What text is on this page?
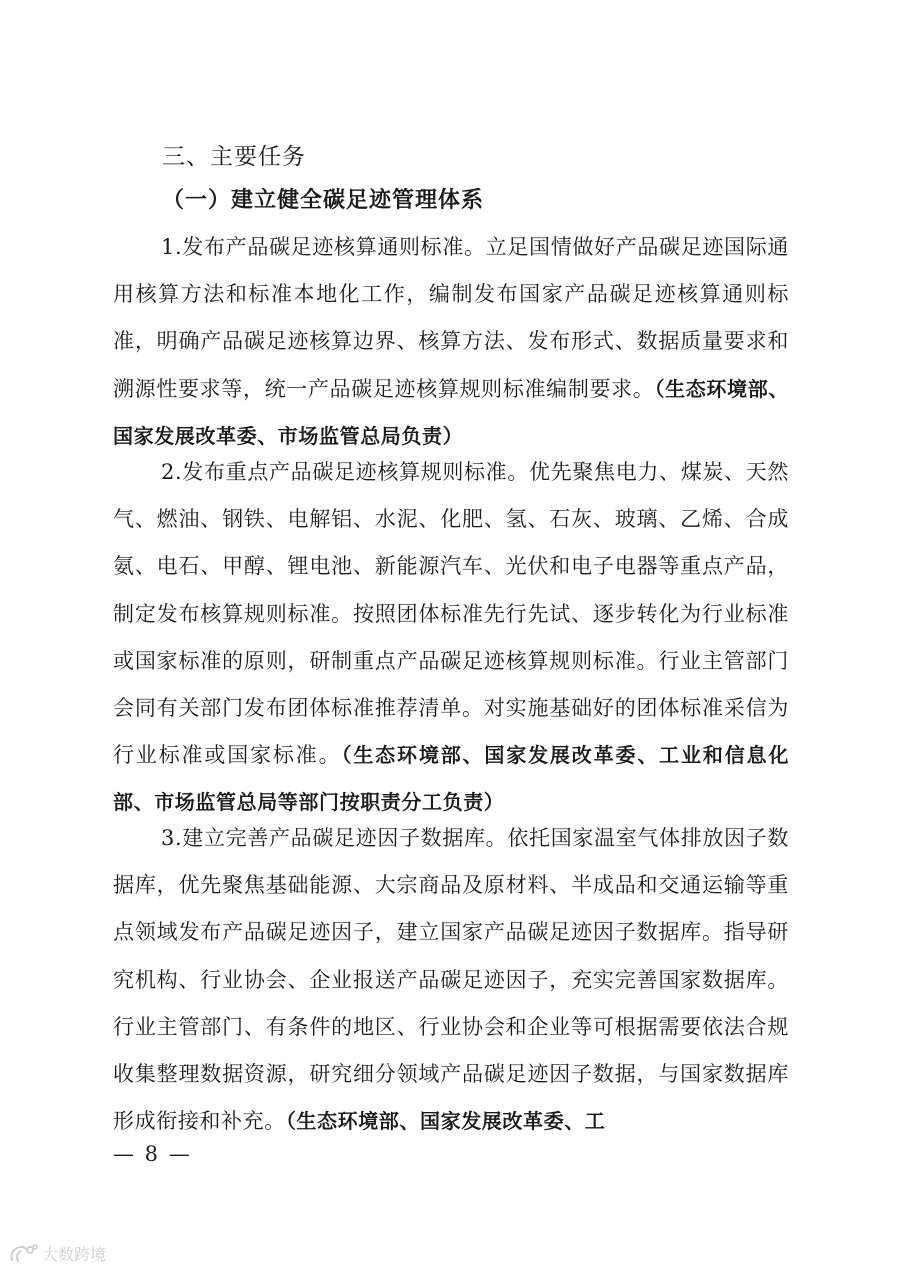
三、主要任务
（一）建立健全碳足迹管理体系

1.发布产品碳足迹核算通则标准。立足国情做好产品碳足迹国际通用核算方法和标准本地化工作，编制发布国家产品碳足迹核算通则标准，明确产品碳足迹核算边界、核算方法、发布形式、数据质量要求和溯源性要求等，统一产品碳足迹核算规则标准编制要求。（生态环境部、国家发展改革委、市场监管总局负责）

2.发布重点产品碳足迹核算规则标准。优先聚焦电力、煤炭、天然气、燃油、钢铁、电解铝、水泥、化肥、氢、石灰、玻璃、乙烯、合成氨、电石、甲醇、锂电池、新能源汽车、光伏和电子电器等重点产品，制定发布核算规则标准。按照团体标准先行先试、逐步转化为行业标准或国家标准的原则，研制重点产品碳足迹核算规则标准。行业主管部门会同有关部门发布团体标准推荐清单。对实施基础好的团体标准采信为行业标准或国家标准。（生态环境部、国家发展改革委、工业和信息化部、市场监管总局等部门按职责分工负责）

3.建立完善产品碳足迹因子数据库。依托国家温室气体排放因子数据库，优先聚焦基础能源、大宗商品及原材料、半成品和交通运输等重点领域发布产品碳足迹因子，建立国家产品碳足迹因子数据库。指导研究机构、行业协会、企业报送产品碳足迹因子，充实完善国家数据库。行业主管部门、有条件的地区、行业协会和企业等可根据需要依法合规收集整理数据资源，研究细分领域产品碳足迹因子数据，与国家数据库形成衔接和补充。（生态环境部、国家发展改革委、工

— 8 —
大数跨境
